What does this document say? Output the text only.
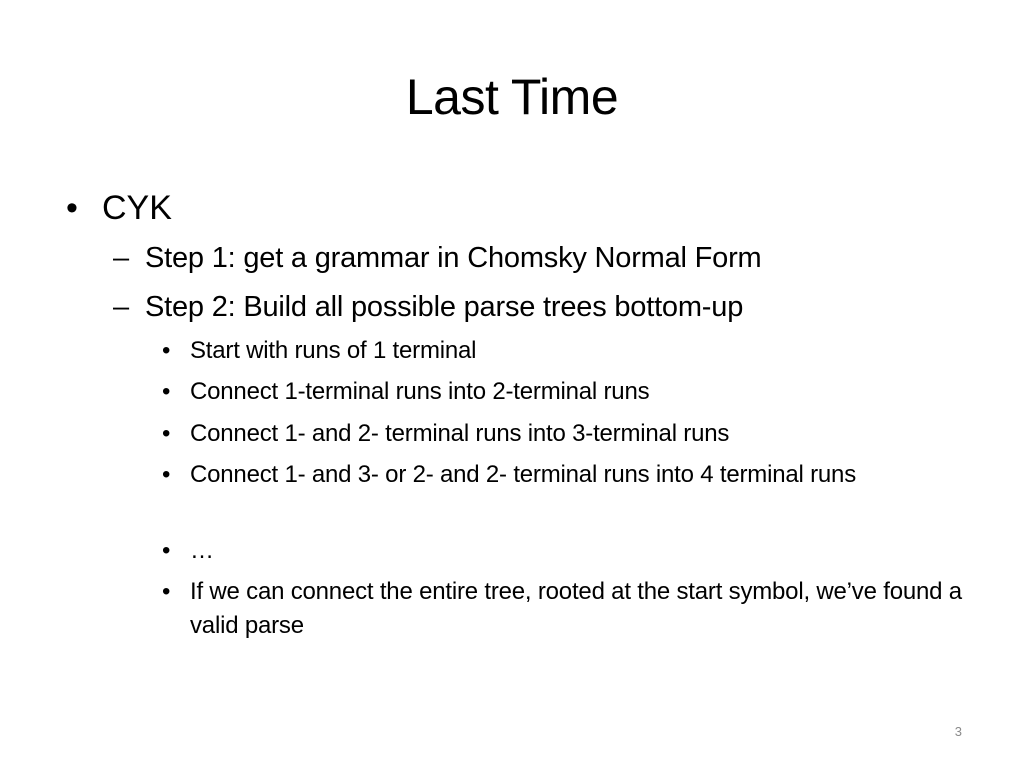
Last Time
• CYK
– Step 1: get a grammar in Chomsky Normal Form
– Step 2: Build all possible parse trees bottom-up
• Start with runs of 1 terminal
• Connect 1-terminal runs into 2-terminal runs
• Connect 1- and 2- terminal runs into 3-terminal runs
• Connect 1- and 3- or 2- and 2- terminal runs into 4 terminal runs
• …
• If we can connect the entire tree, rooted at the start symbol, we’ve found a valid parse
3
